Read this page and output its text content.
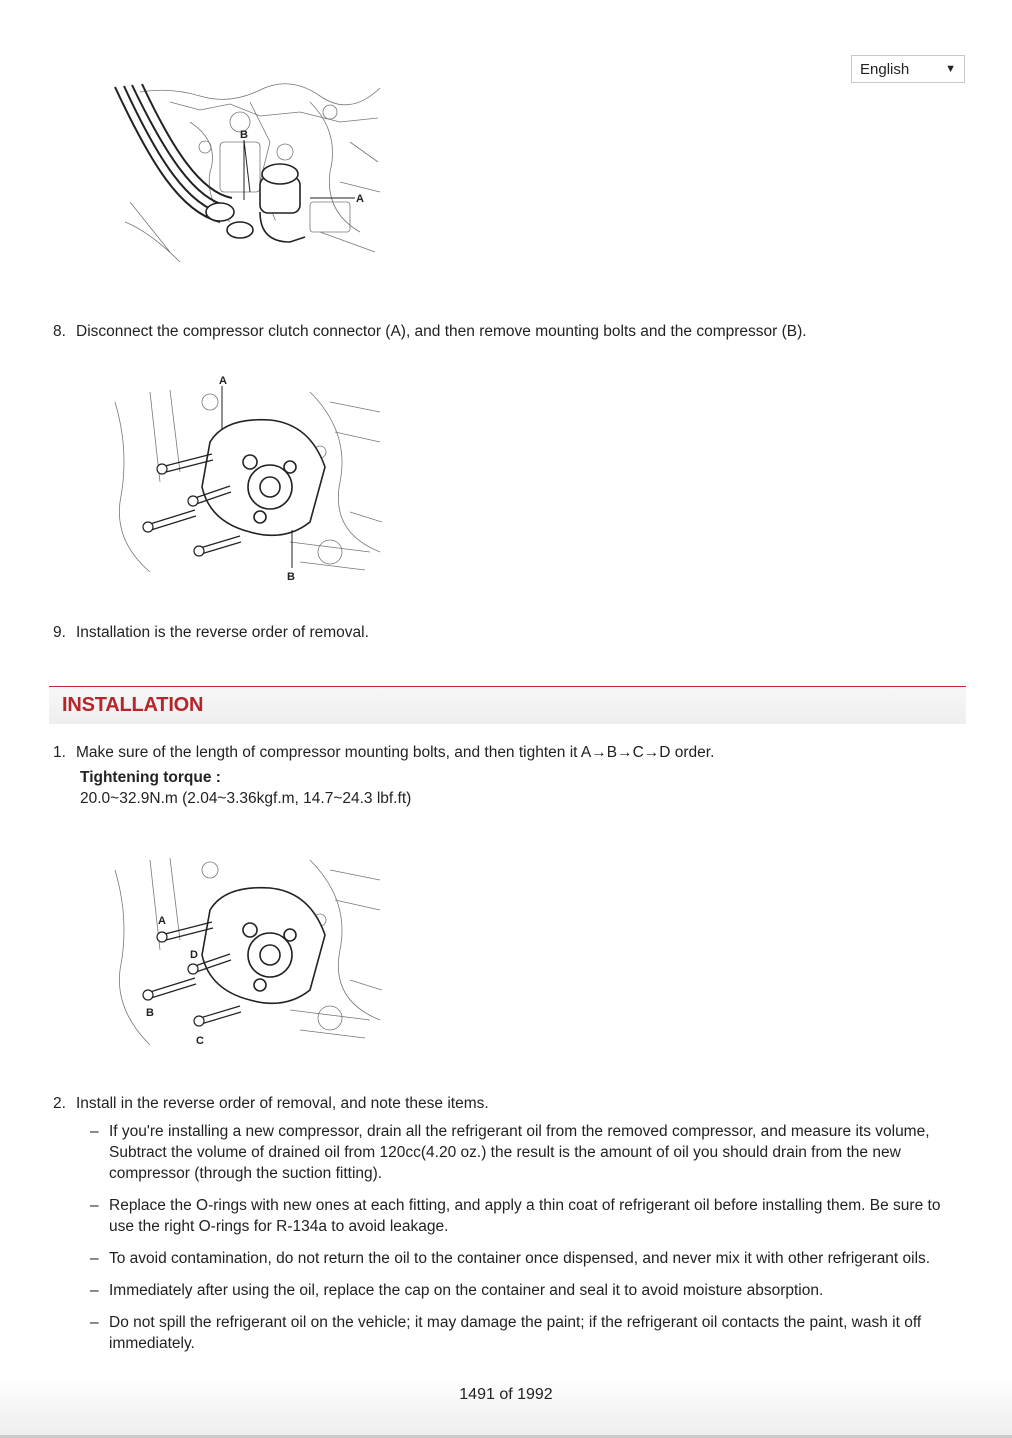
English	▼
B
A
8. Disconnect the compressor clutch connector (A), and then remove mounting bolts and the compressor (B).
A
B
9. Installation is the reverse order of removal.
INSTALLATION
1. Make sure of the length of compressor mounting bolts, and then tighten it A→B→C→D order.
Tightening torque :
20.0~32.9N.m (2.04~3.36kgf.m, 14.7~24.3 lbf.ft)
A
D
B
C
2. Install in the reverse order of removal, and note these items.
– If you're installing a new compressor, drain all the refrigerant oil from the removed compressor, and measure its volume, Subtract the volume of drained oil from 120cc(4.20 oz.) the result is the amount of oil you should drain from the new compressor (through the suction fitting).
– Replace the O-rings with new ones at each fitting, and apply a thin coat of refrigerant oil before installing them. Be sure to use the right O-rings for R-134a to avoid leakage.
– To avoid contamination, do not return the oil to the container once dispensed, and never mix it with other refrigerant oils.
– Immediately after using the oil, replace the cap on the container and seal it to avoid moisture absorption.
– Do not spill the refrigerant oil on the vehicle; it may damage the paint; if the refrigerant oil contacts the paint, wash it off immediately.
1491 of 1992
